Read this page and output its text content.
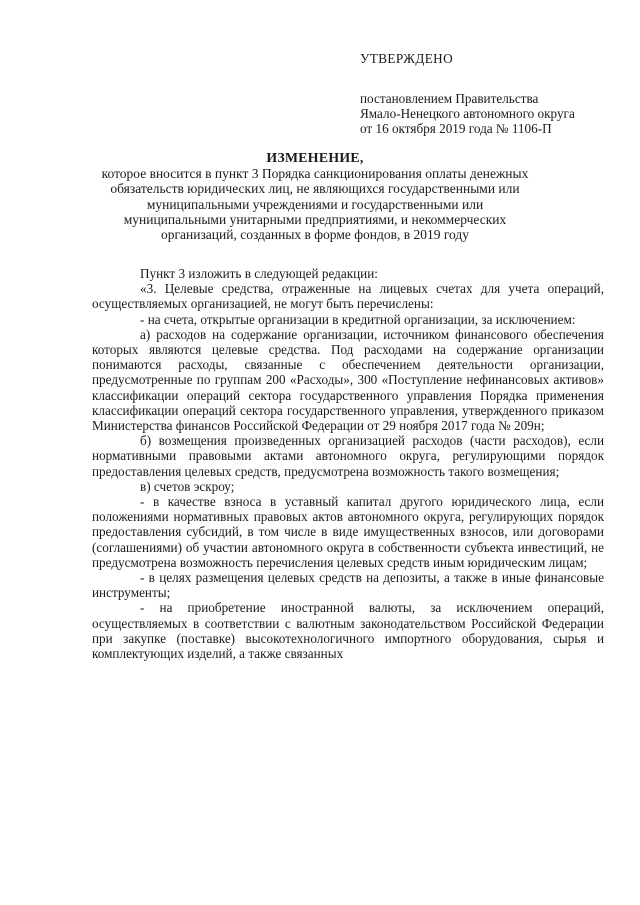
УТВЕРЖДЕНО
постановлением Правительства
Ямало-Ненецкого автономного округа
от 16 октября 2019 года № 1106-П
ИЗМЕНЕНИЕ,
которое вносится в пункт 3 Порядка санкционирования оплаты денежных обязательств юридических лиц, не являющихся государственными или муниципальными учреждениями и государственными или муниципальными унитарными предприятиями, и некоммерческих организаций, созданных в форме фондов, в 2019 году

Пункт 3 изложить в следующей редакции:

«3. Целевые средства, отраженные на лицевых счетах для учета операций, осуществляемых организацией, не могут быть перечислены:

- на счета, открытые организации в кредитной организации, за исключением:

а) расходов на содержание организации, источником финансового обеспечения которых являются целевые средства. Под расходами на содержание организации понимаются расходы, связанные с обеспечением деятельности организации, предусмотренные по группам 200 «Расходы», 300 «Поступление нефинансовых активов» классификации операций сектора государственного управления Порядка применения классификации операций сектора государственного управления, утвержденного приказом Министерства финансов Российской Федерации от 29 ноября 2017 года № 209н;

б) возмещения произведенных организацией расходов (части расходов), если нормативными правовыми актами автономного округа, регулирующими порядок предоставления целевых средств, предусмотрена возможность такого возмещения;

в) счетов эскроу;

- в качестве взноса в уставный капитал другого юридического лица, если положениями нормативных правовых актов автономного округа, регулирующих порядок предоставления субсидий, в том числе в виде имущественных взносов, или договорами (соглашениями) об участии автономного округа в собственности субъекта инвестиций, не предусмотрена возможность перечисления целевых средств иным юридическим лицам;

- в целях размещения целевых средств на депозиты, а также в иные финансовые инструменты;

- на приобретение иностранной валюты, за исключением операций, осуществляемых в соответствии с валютным законодательством Российской Федерации при закупке (поставке) высокотехнологичного импортного оборудования, сырья и комплектующих изделий, а также связанных
